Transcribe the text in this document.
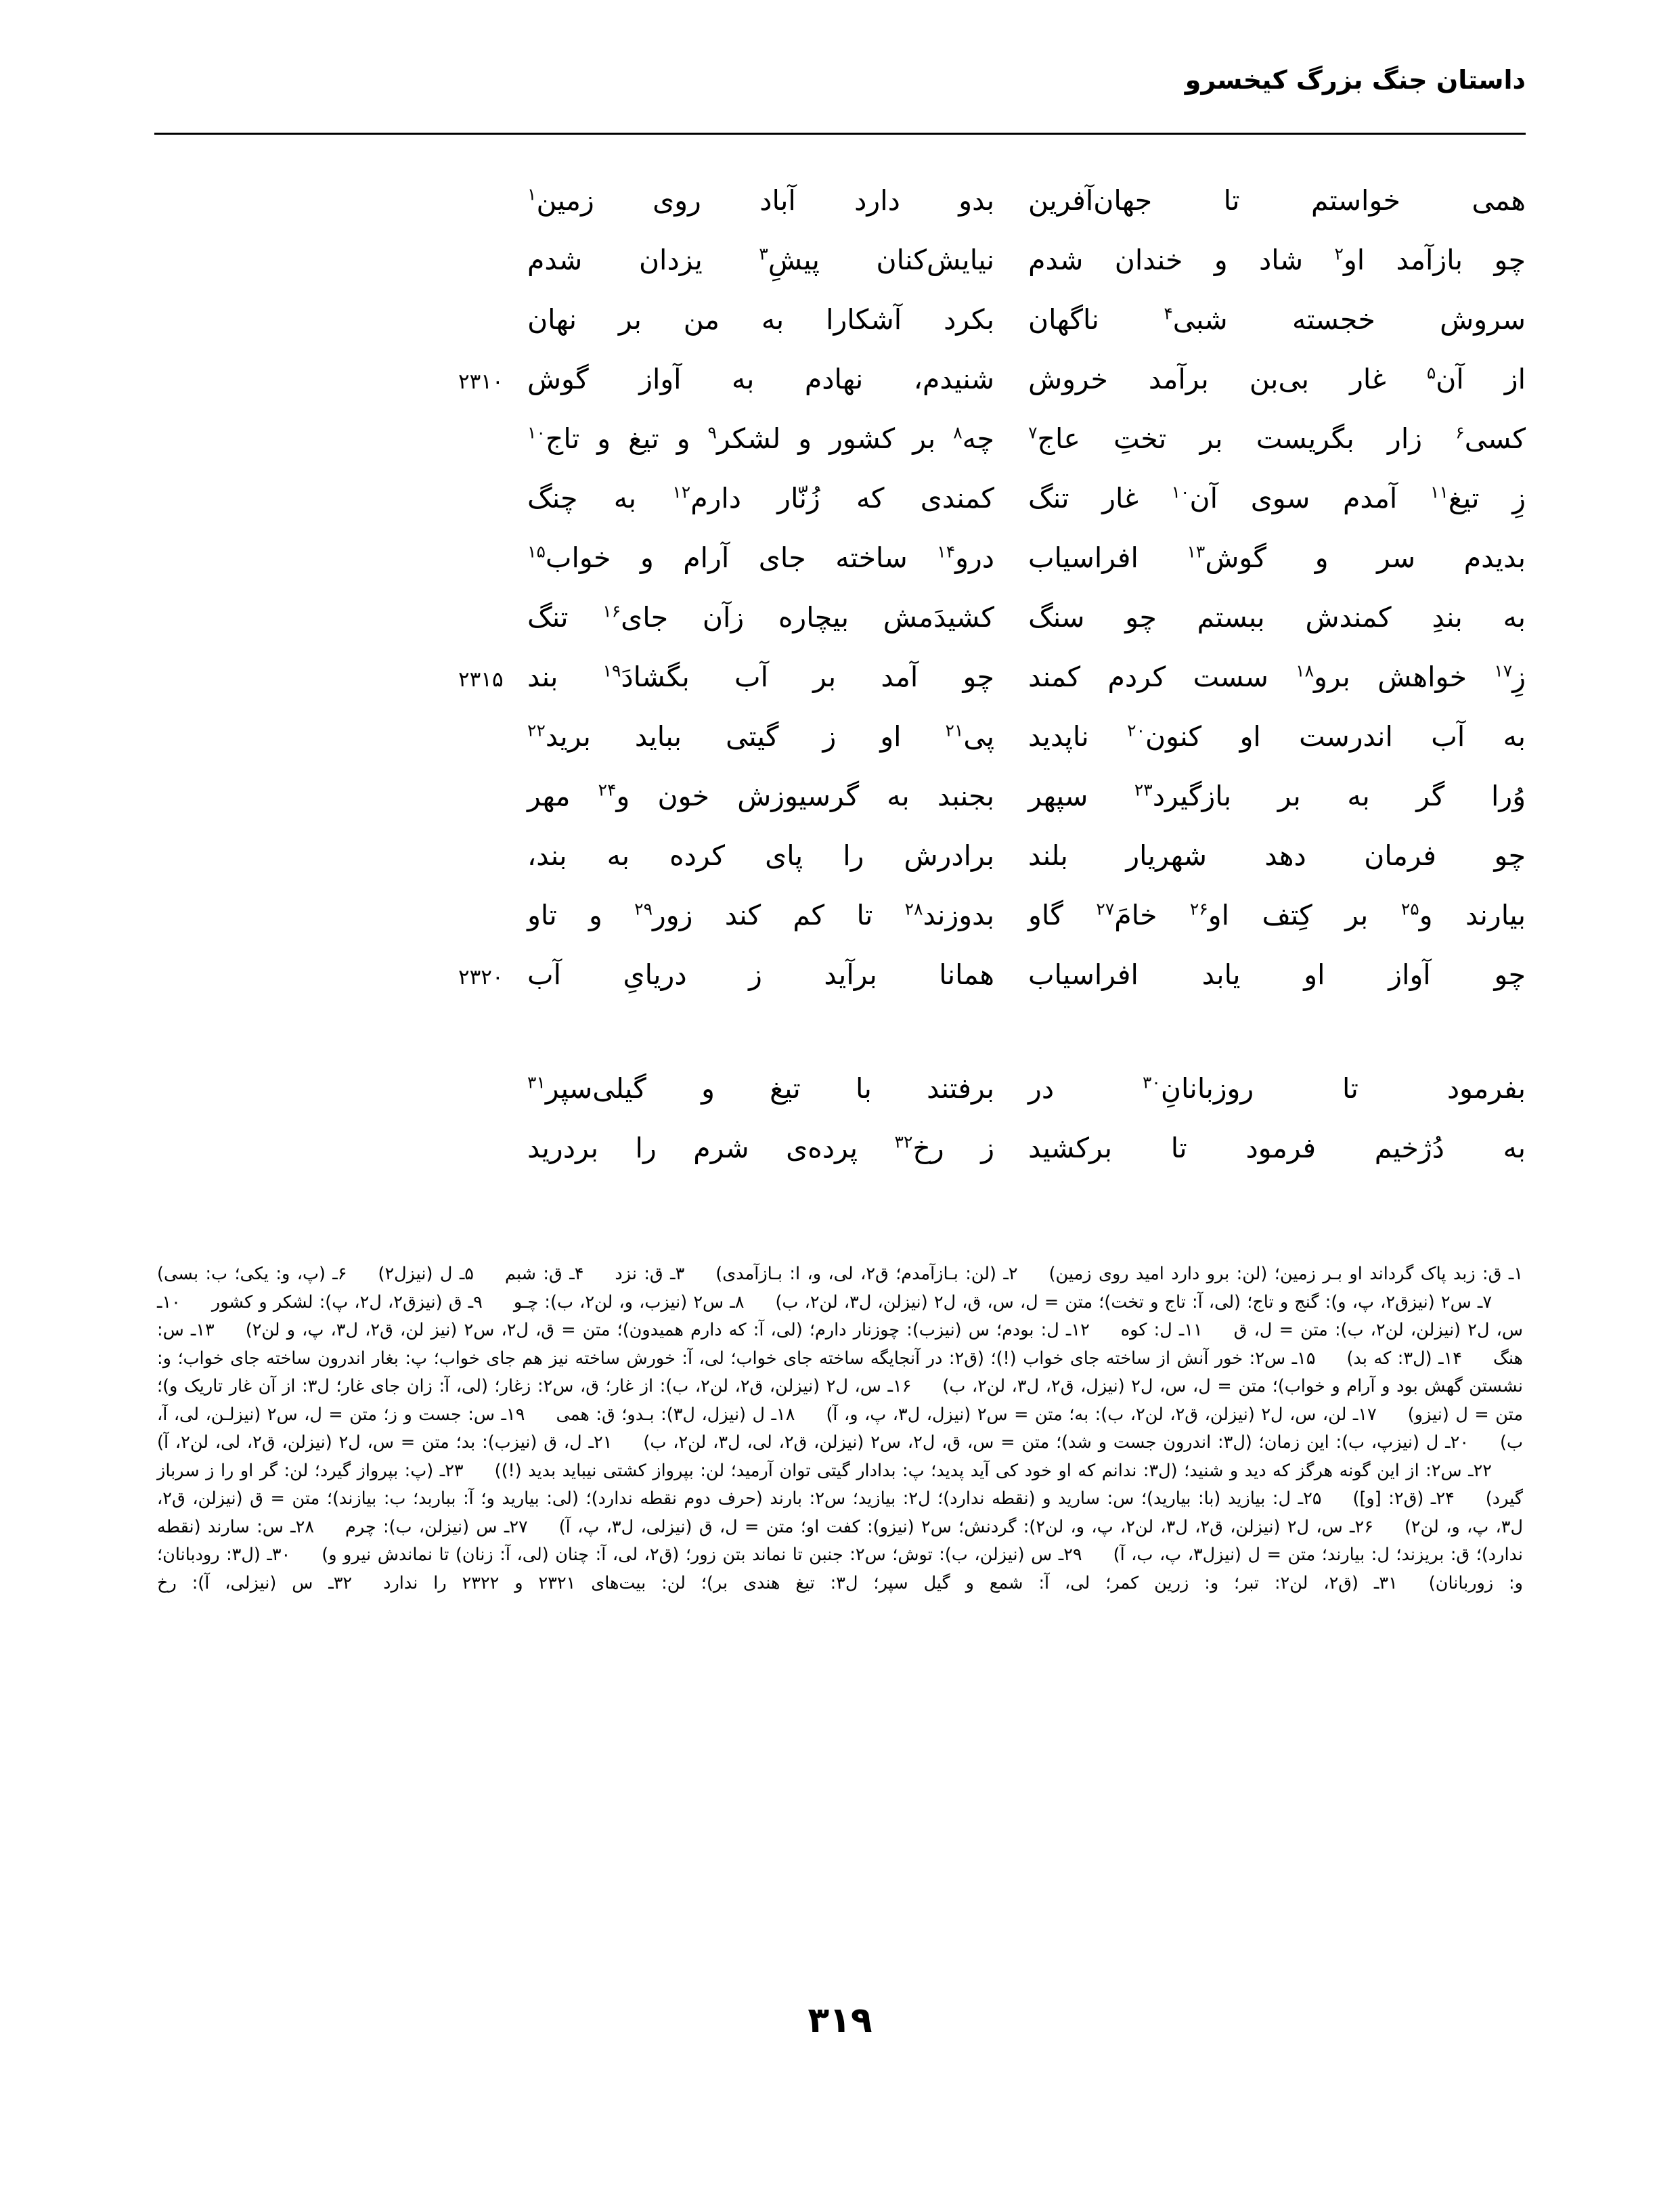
داستان جنگ بزرگ کیخسرو
همی
خواستم
تا
جهان‌آفرین
بدو
دارد
آباد
روی
زمین$^۱$
چو
بازآمد
او$^۲$
شاد
و
خندان
شدم
نیایش‌کنان
پیشِ$^۳$
یزدان
شدم
سروش
خجسته
شبی$^۴$
ناگهان
بکرد
آشکارا
به
من
بر
نهان
از
آن$^۵$
غار
بی‌بن
برآمد
خروش
شنیدم،
نهادم
به
آواز
گوش
۲۳۱۰
کسی$^۶$
زار
بگریست
بر
تختِ
عاج$^۷$
چه$^۸$
بر
کشور
و
لشکر$^۹$
و
تیغ
و
تاج$^{۱۰}$
زِ
تیغ$^{۱۱}$
آمدم
سوی
آن$^{۱۰}$
غار
تنگ
کمندی
که
زُنّار
دارم$^{۱۲}$
به
چنگ
بدیدم
سر
و
گوش$^{۱۳}$
افراسیاب
درو$^{۱۴}$
ساخته
جای
آرام
و
خواب$^{۱۵}$
به
بندِ
کمندش
ببستم
چو
سنگ
کشیدَمش
بیچاره
زآن
جای$^{۱۶}$
تنگ
زِ$^{۱۷}$
خواهش
برو$^{۱۸}$
سست
کردم
کمند
چو
آمد
بر
آب
بگشادَ$^{۱۹}$
بند
۲۳۱۵
به
آب
اندرست
او
کنون$^{۲۰}$
ناپدید
پی$^{۲۱}$
او
ز
گیتی
بباید
برید$^{۲۲}$
وُرا
گر
به
بر
بازگیرد$^{۲۳}$
سپهر
بجنبد
به
گرسیوزش
خون
و$^{۲۴}$
مهر
چو
فرمان
دهد
شهریار
بلند
برادرش
را
پای
کرده
به
بند،
بیارند
و$^{۲۵}$
بر
کِتف
او$^{۲۶}$
خامَ$^{۲۷}$
گاو
بدوزند$^{۲۸}$
تا
کم
کند
زور$^{۲۹}$
و
تاو
چو
آواز
او
یابد
افراسیاب
همانا
برآید
ز
دریایِ
آب
۲۳۲۰
بفرمود
تا
روزبانانِ$^{۳۰}$
در
برفتند
با
تیغ
و
گیلی‌سپر$^{۳۱}$
به
دُژخیم
فرمود
تا
برکشید
ز
رخ$^{۳۲}$
پرده‌ی
شرم
را
بردرید
۱ـ ق: زبد پاک گرداند او بـر زمین؛ (لن: برو دارد امید روی زمین) ۲ـ (لن: بـازآمدم؛ ق۲، لی، و، ا: بـازآمدی) ۳ـ ق: نزد ۴ـ ق: شبم ۵ـ ل (نیزل۲) ۶ـ (پ، و: یکی؛ ب: بسی) ۷ـ س۲ (نیزق۲، پ، و): گنج و تاج؛ (لی، آ: تاج و تخت)؛ متن = ل، س، ق، ل۲ (نیزلن، ل۳، لن۲، ب) ۸ـ س۲ (نیزب، و، لن۲، ب): چـو ۹ـ ق (نیزق۲، ل۲، پ): لشکر و کشور ۱۰ـ س، ل۲ (نیزلن، لن۲، ب): متن = ل، ق ۱۱ـ ل: کوه ۱۲ـ ل: بودم؛ س (نیزب): چوزنار دارم؛ (لی، آ: که دارم همیدون)؛ متن = ق، ل۲، س۲ (نیز لن، ق۲، ل۳، پ، و لن۲) ۱۳ـ س: هنگ ۱۴ـ (ل۳: که بد) ۱۵ـ س۲: خور آنش از ساخته جای خواب (!)؛ (ق۲: در آنجایگه ساخته جای خواب؛ لی، آ: خورش ساخته نیز هم جای خواب؛ پ: بغار اندرون ساخته جای خواب؛ و: نشستن گهش بود و آرام و خواب)؛ متن = ل، س، ل۲ (نیزل، ق۲، ل۳، لن۲، ب) ۱۶ـ س، ل۲ (نیزلن، ق۲، لن۲، ب): از غار؛ ق، س۲: زغار؛ (لی، آ: زان جای غار؛ ل۳: از آن غار تاریک و)؛ متن = ل (نیزو) ۱۷ـ لن، س، ل۲ (نیزلن، ق۲، لن۲، ب): به؛ متن = س۲ (نیزل، ل۳، پ، و، آ) ۱۸ـ ل (نیزل، ل۳): بـدو؛ ق: همی ۱۹ـ س: جست و ز؛ متن = ل، س۲ (نیزلـن، لی، آ، ب) ۲۰ـ ل (نیزپ، ب): این زمان؛ (ل۳: اندرون جست و شد)؛ متن = س، ق، ل۲، س۲ (نیزلن، ق۲، لی، ل۳، لن۲، ب) ۲۱ـ ل، ق (نیزب): بد؛ متن = س، ل۲ (نیزلن، ق۲، لی، لن۲، آ) ۲۲ـ س۲: از این گونه هرگز که دید و شنید؛ (ل۳: ندانم که او خود کی آید پدید؛ پ: بدادار گیتی توان آرمید؛ لن: بپرواز کشتی نیباید بدید (!)) ۲۳ـ (پ: بپرواز گیرد؛ لن: گر او را ز سرباز گیرد) ۲۴ـ (ق۲: [و]) ۲۵ـ ل: بیازید (با: بیارید)؛ س: سارید و (نقطه ندارد)؛ ل۲: بیازید؛ س۲: بارند (حرف دوم نقطه ندارد)؛ (لی: بیارید و؛ آ: بباربد؛ ب: بیازند)؛ متن = ق (نیزلن، ق۲، ل۳، پ، و، لن۲) ۲۶ـ س، ل۲ (نیزلن، ق۲، ل۳، لن۲، پ، و، لن۲): گردنش؛ س۲ (نیزو): کفت او؛ متن = ل، ق (نیزلی، ل۳، پ، آ) ۲۷ـ س (نیزلن، ب): چرم ۲۸ـ س: سارند (نقطه ندارد)؛ ق: بریزند؛ ل: بیارند؛ متن = ل (نیزل۳، پ، ب، آ) ۲۹ـ س (نیزلن، ب): توش؛ س۲: جنبن تا نماند بتن زور؛ (ق۲، لی، آ: چنان (لی، آ: زنان) تا نماندش نیرو و) ۳۰ـ (ل۳: رودبانان؛ و: زوربانان) ۳۱ـ (ق۲، لن۲: تبر؛ و: زرین کمر؛ لی، آ: شمع و گیل سپر؛ ل۳: تیغ هندی بر)؛ لن: بیت‌های ۲۳۲۱ و ۲۳۲۲ را ندارد ۳۲ـ س (نیزلی، آ): رخ
۳۱۹
